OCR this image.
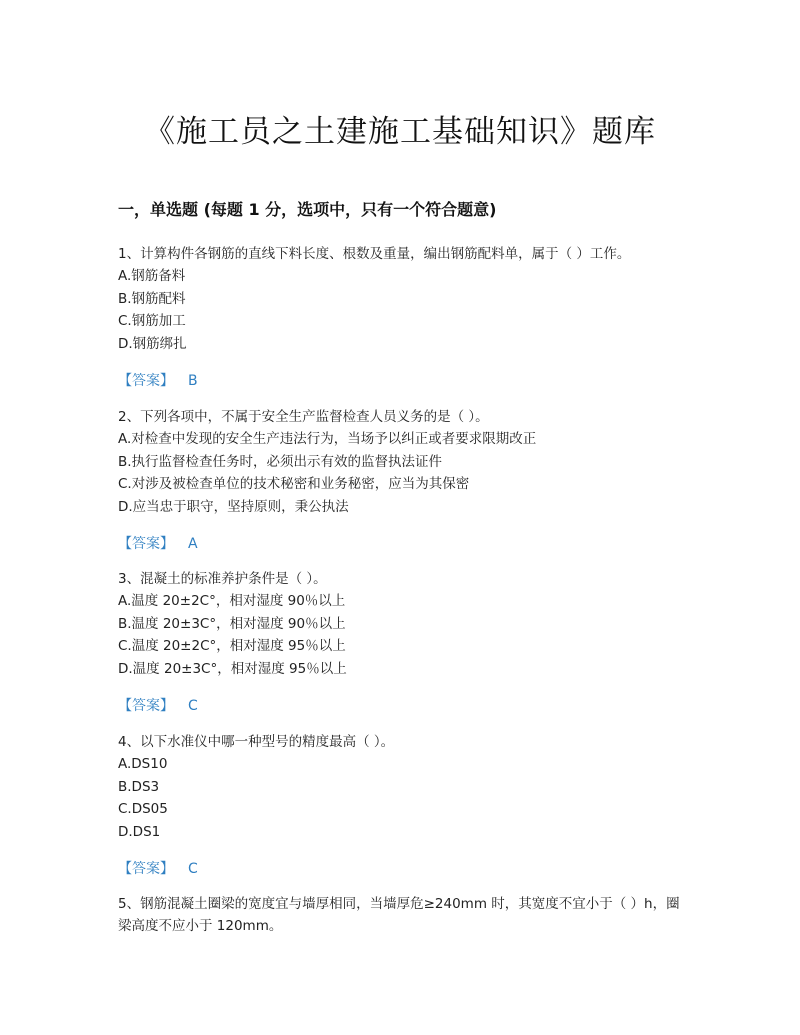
《施工员之土建施工基础知识》题库
一，单选题 (每题 1 分，选项中，只有一个符合题意)
1、计算构件各钢筋的直线下料长度、根数及重量，编出钢筋配料单，属于（ ）工作。
A.钢筋备料
B.钢筋配料
C.钢筋加工
D.钢筋绑扎
【答案】 B
2、下列各项中，不属于安全生产监督检查人员义务的是（ ）。
A.对检查中发现的安全生产违法行为，当场予以纠正或者要求限期改正
B.执行监督检查任务时，必须出示有效的监督执法证件
C.对涉及被检查单位的技术秘密和业务秘密，应当为其保密
D.应当忠于职守，坚持原则，秉公执法
【答案】 A
3、混凝土的标准养护条件是（ ）。
A.温度 20±2C°，相对湿度 90％以上
B.温度 20±3C°，相对湿度 90％以上
C.温度 20±2C°，相对湿度 95％以上
D.温度 20±3C°，相对湿度 95％以上
【答案】 C
4、以下水准仪中哪一种型号的精度最高（ ）。
A.DS10
B.DS3
C.DS05
D.DS1
【答案】 C
5、钢筋混凝土圈梁的宽度宜与墙厚相同，当墙厚危≥240mm 时，其宽度不宜小于（ ）h，圈梁高度不应小于 120mm。
